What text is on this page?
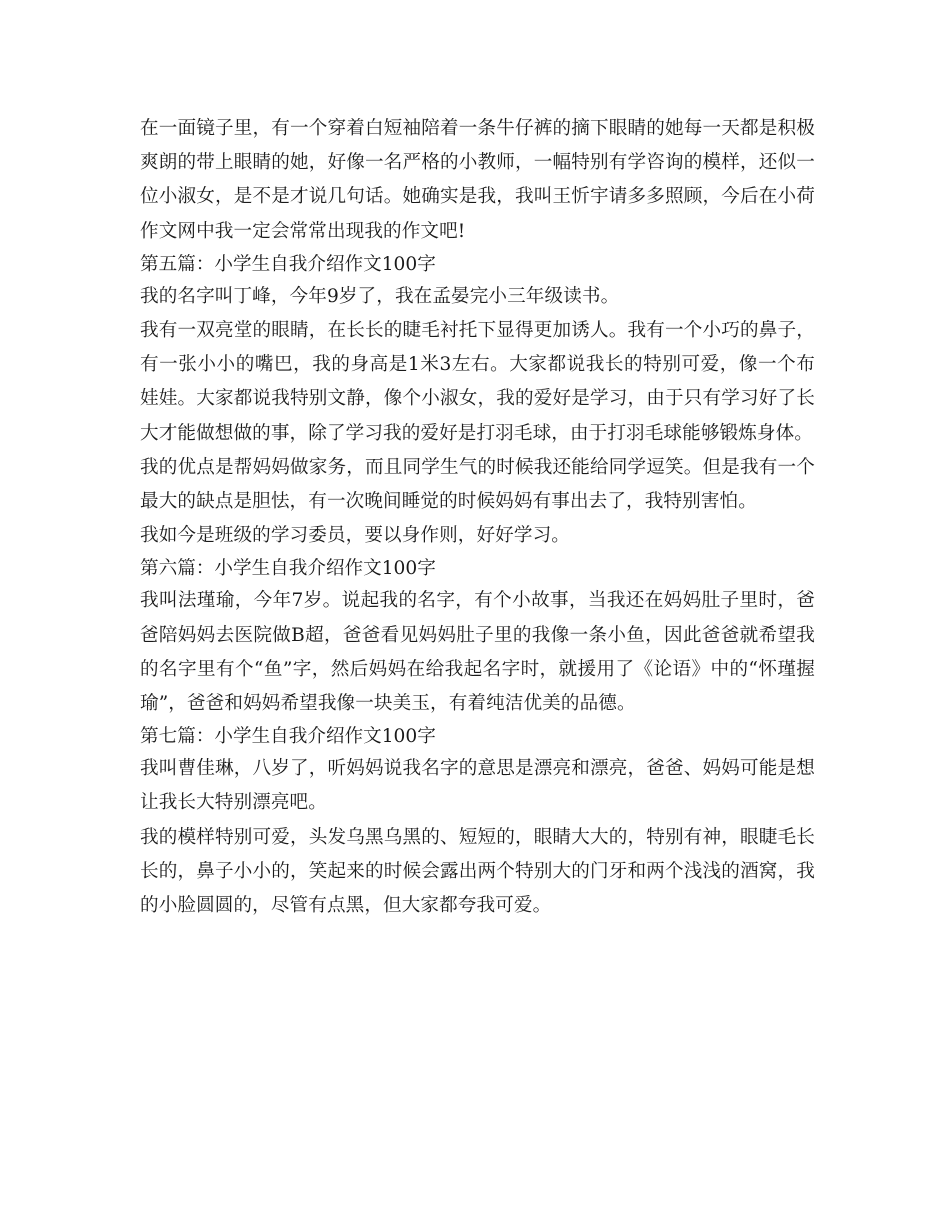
在一面镜子里，有一个穿着白短袖陪着一条牛仔裤的摘下眼睛的她每一天都是积极爽朗的带上眼睛的她，好像一名严格的小教师，一幅特别有学咨询的模样，还似一位小淑女，是不是才说几句话。她确实是我，我叫王忻宇请多多照顾，今后在小荷作文网中我一定会常常出现我的作文吧!

第五篇：小学生自我介绍作文100字

我的名字叫丁峰，今年9岁了，我在孟晏完小三年级读书。

我有一双亮堂的眼睛，在长长的睫毛衬托下显得更加诱人。我有一个小巧的鼻子，有一张小小的嘴巴，我的身高是1米3左右。大家都说我长的特别可爱，像一个布娃娃。大家都说我特别文静，像个小淑女，我的爱好是学习，由于只有学习好了长大才能做想做的事，除了学习我的爱好是打羽毛球，由于打羽毛球能够锻炼身体。

我的优点是帮妈妈做家务，而且同学生气的时候我还能给同学逗笑。但是我有一个最大的缺点是胆怯，有一次晚间睡觉的时候妈妈有事出去了，我特别害怕。

我如今是班级的学习委员，要以身作则，好好学习。

第六篇：小学生自我介绍作文100字

我叫法瑾瑜，今年7岁。说起我的名字，有个小故事，当我还在妈妈肚子里时，爸爸陪妈妈去医院做B超，爸爸看见妈妈肚子里的我像一条小鱼，因此爸爸就希望我的名字里有个“鱼”字，然后妈妈在给我起名字时，就援用了《论语》中的“怀瑾握瑜”，爸爸和妈妈希望我像一块美玉，有着纯洁优美的品德。

第七篇：小学生自我介绍作文100字

我叫曹佳琳，八岁了，听妈妈说我名字的意思是漂亮和漂亮，爸爸、妈妈可能是想让我长大特别漂亮吧。

我的模样特别可爱，头发乌黑乌黑的、短短的，眼睛大大的，特别有神，眼睫毛长长的，鼻子小小的，笑起来的时候会露出两个特别大的门牙和两个浅浅的酒窝，我的小脸圆圆的，尽管有点黑，但大家都夸我可爱。
